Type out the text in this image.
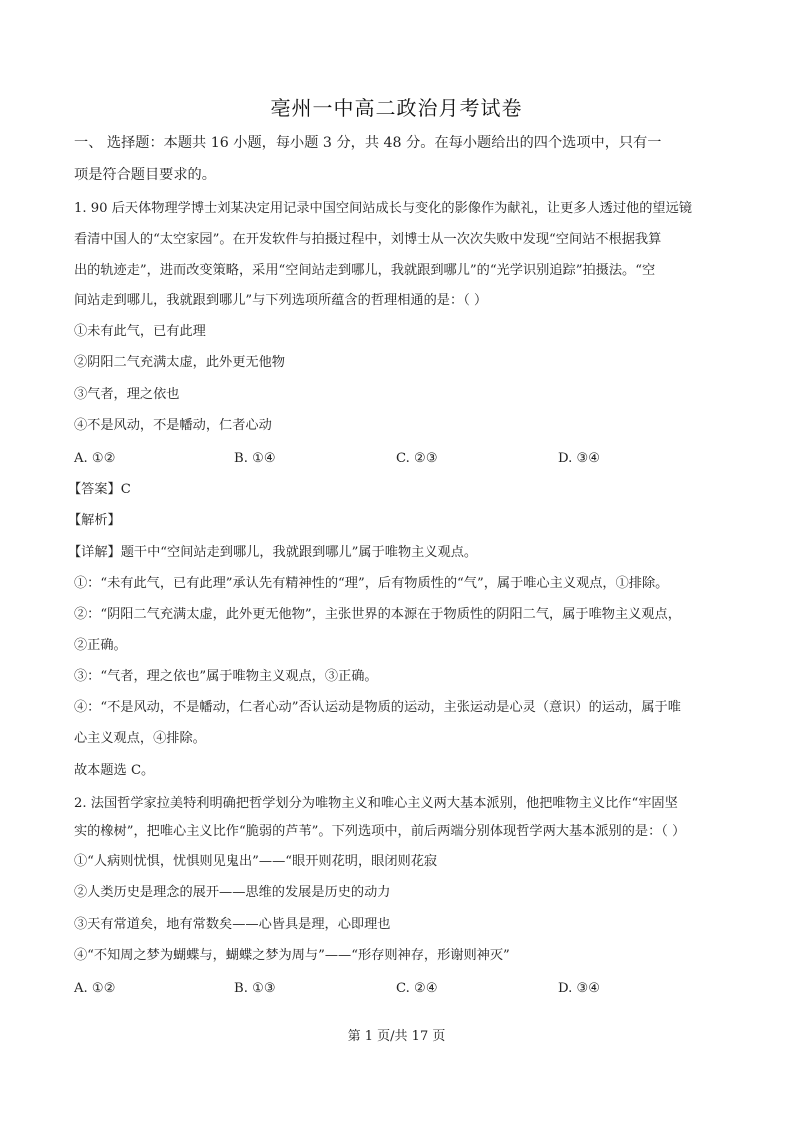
亳州一中高二政治月考试卷
一、 选择题：本题共 16 小题，每小题 3 分，共 48 分。在每小题给出的四个选项中，只有一
项是符合题目要求的。
1. 90 后天体物理学博士刘某决定用记录中国空间站成长与变化的影像作为献礼，让更多人透过他的望远镜
看清中国人的“太空家园”。在开发软件与拍摄过程中，刘博士从一次次失败中发现“空间站不根据我算
出的轨迹走”，进而改变策略，采用“空间站走到哪儿，我就跟到哪儿”的“光学识别追踪”拍摄法。“空
间站走到哪儿，我就跟到哪儿”与下列选项所蕴含的哲理相通的是：（ ）
①未有此气，已有此理
②阴阳二气充满太虚，此外更无他物
③气者，理之依也
④不是风动，不是幡动，仁者心动
A. ①②	B. ①④	C. ②③	D. ③④
【答案】C
【解析】
【详解】题干中“空间站走到哪儿，我就跟到哪儿”属于唯物主义观点。
①：“未有此气，已有此理”承认先有精神性的“理”，后有物质性的“气”，属于唯心主义观点，①排除。
②：“阴阳二气充满太虚，此外更无他物”，主张世界的本源在于物质性的阴阳二气，属于唯物主义观点，
②正确。
③：“气者，理之依也”属于唯物主义观点，③正确。
④：“不是风动，不是幡动，仁者心动”否认运动是物质的运动，主张运动是心灵（意识）的运动，属于唯
心主义观点，④排除。
故本题选 C。
2. 法国哲学家拉美特利明确把哲学划分为唯物主义和唯心主义两大基本派别，他把唯物主义比作“牢固坚
实的橡树”，把唯心主义比作“脆弱的芦苇”。下列选项中，前后两端分别体现哲学两大基本派别的是：（ ）
①“人病则忧惧，忧惧则见鬼出”——“眼开则花明，眼闭则花寂
②人类历史是理念的展开——思维的发展是历史的动力
③天有常道矣，地有常数矣——心皆具是理，心即理也
④“不知周之梦为蝴蝶与，蝴蝶之梦为周与”——“形存则神存，形谢则神灭”
A. ①②	B. ①③	C. ②④	D. ③④
第 1 页/共 17 页
